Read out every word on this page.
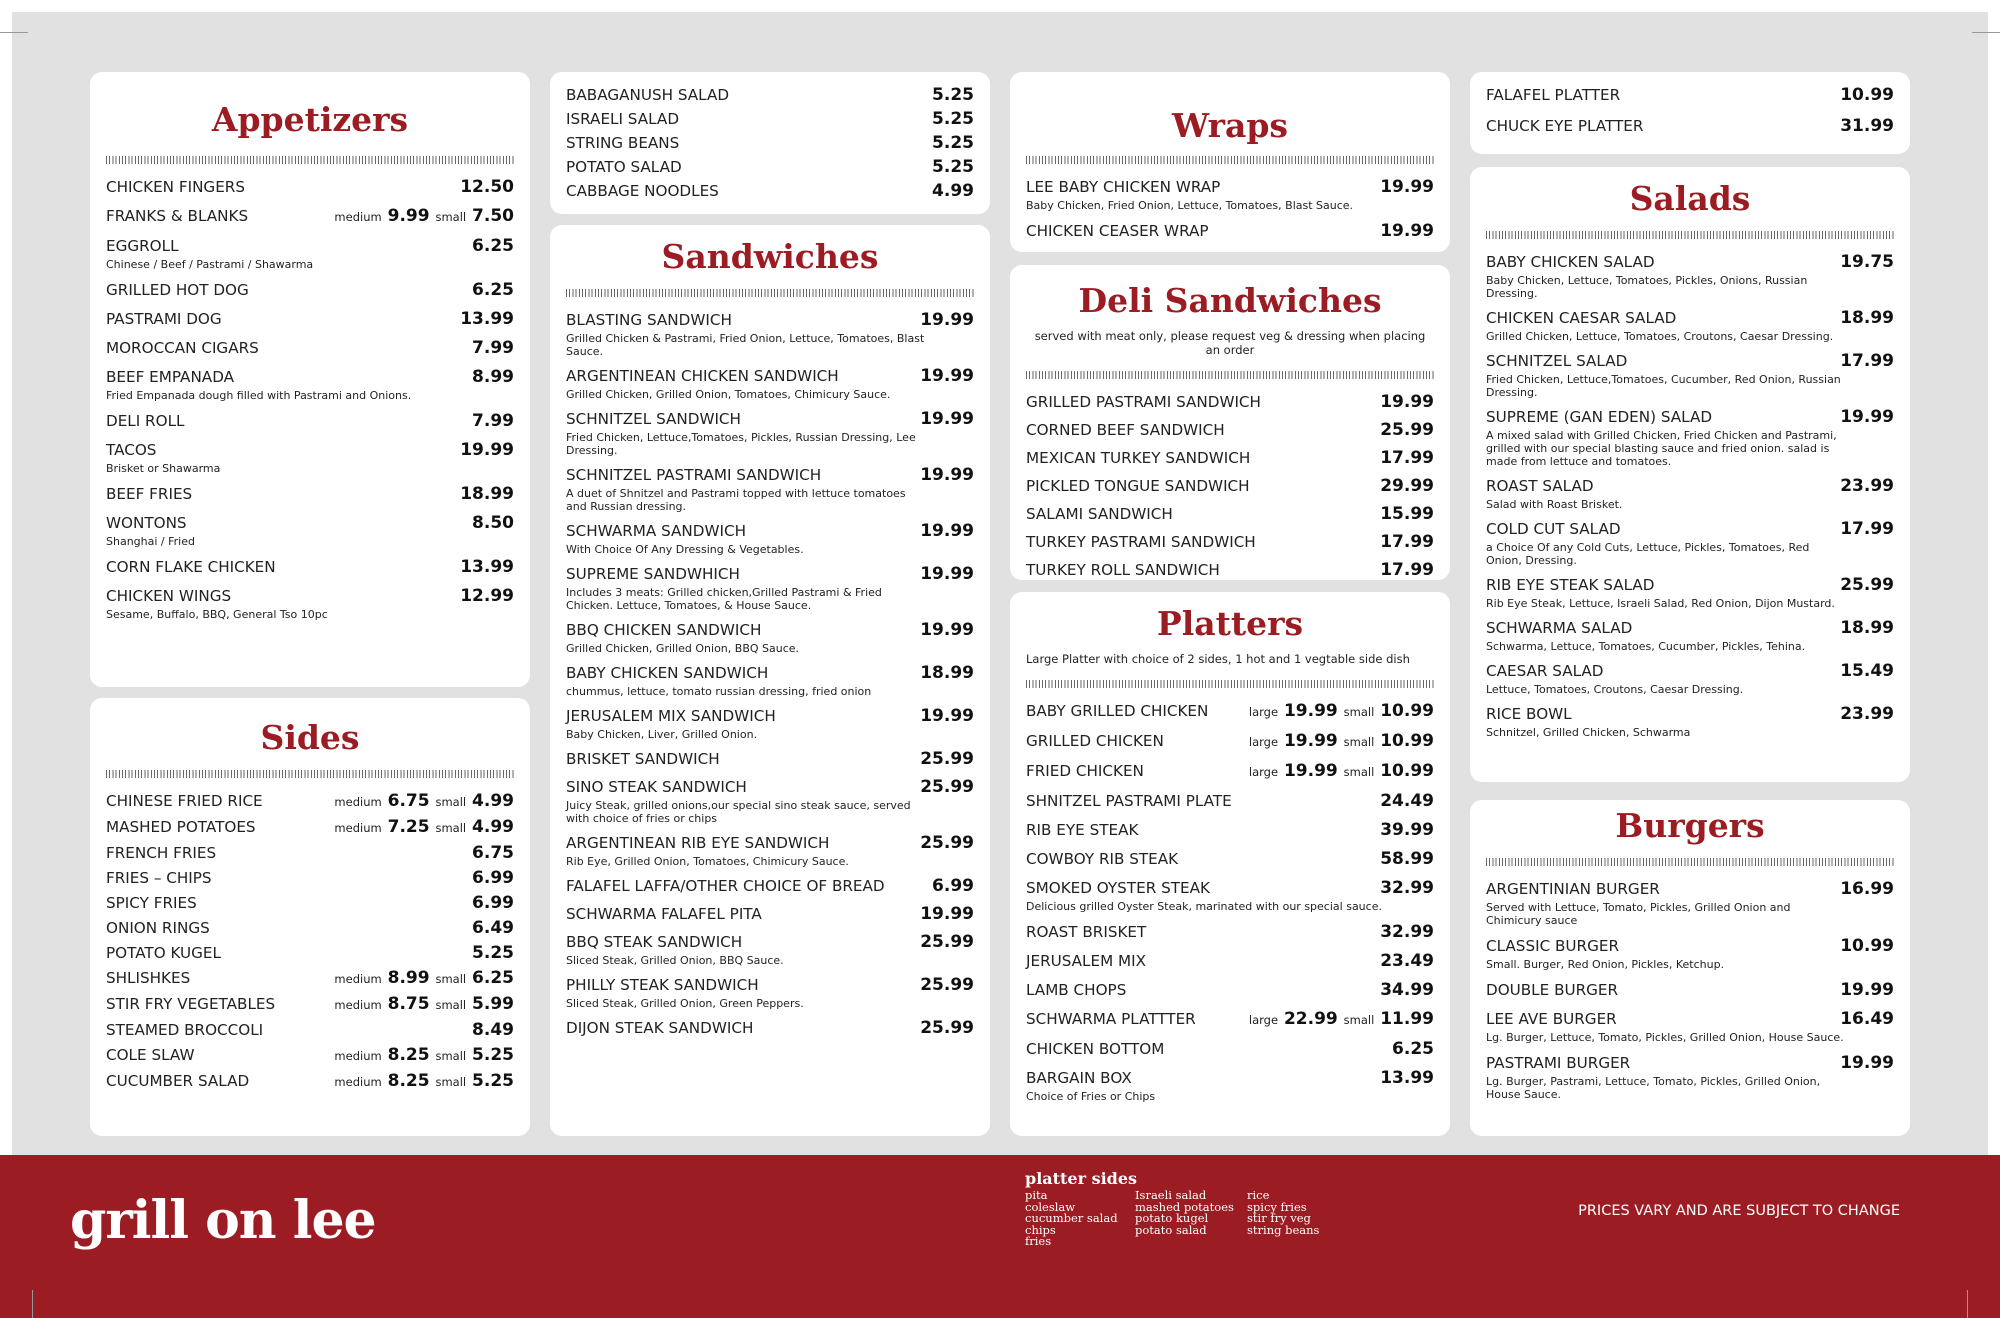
Appetizers
CHICKEN FINGERS	12.50
FRANKS & BLANKS	medium 9.99 small 7.50
EGGROLL	6.25
Chinese / Beef / Pastrami / Shawarma
GRILLED HOT DOG	6.25
PASTRAMI DOG	13.99
MOROCCAN CIGARS	7.99
BEEF EMPANADA	8.99
Fried Empanada dough filled with Pastrami and Onions.
DELI ROLL	7.99
TACOS	19.99
Brisket or Shawarma
BEEF FRIES	18.99
WONTONS	8.50
Shanghai / Fried
CORN FLAKE CHICKEN	13.99
CHICKEN WINGS	12.99
Sesame, Buffalo, BBQ, General Tso 10pc
Sides
CHINESE FRIED RICE	medium 6.75 small 4.99
MASHED POTATOES	medium 7.25 small 4.99
FRENCH FRIES	6.75
FRIES – CHIPS	6.99
SPICY FRIES	6.99
ONION RINGS	6.49
POTATO KUGEL	5.25
SHLISHKES	medium 8.99 small 6.25
STIR FRY VEGETABLES	medium 8.75 small 5.99
STEAMED BROCCOLI	8.49
COLE SLAW	medium 8.25 small 5.25
CUCUMBER SALAD	medium 8.25 small 5.25
BABAGANUSH SALAD	5.25
ISRAELI SALAD	5.25
STRING BEANS	5.25
POTATO SALAD	5.25
CABBAGE NOODLES	4.99
Sandwiches
BLASTING SANDWICH	19.99
Grilled Chicken & Pastrami, Fried Onion, Lettuce, Tomatoes, Blast Sauce.
ARGENTINEAN CHICKEN SANDWICH	19.99
Grilled Chicken, Grilled Onion, Tomatoes, Chimicury Sauce.
SCHNITZEL SANDWICH	19.99
Fried Chicken, Lettuce,Tomatoes, Pickles, Russian Dressing, Lee Dressing.
SCHNITZEL PASTRAMI SANDWICH	19.99
A duet of Shnitzel and Pastrami topped with lettuce tomatoes and Russian dressing.
SCHWARMA SANDWICH	19.99
With Choice Of Any Dressing & Vegetables.
SUPREME SANDWHICH	19.99
Includes 3 meats: Grilled chicken,Grilled Pastrami & Fried Chicken. Lettuce, Tomatoes, & House Sauce.
BBQ CHICKEN SANDWICH	19.99
Grilled Chicken, Grilled Onion, BBQ Sauce.
BABY CHICKEN SANDWICH	18.99
chummus, lettuce, tomato russian dressing, fried onion
JERUSALEM MIX SANDWICH	19.99
Baby Chicken, Liver, Grilled Onion.
BRISKET SANDWICH	25.99
SINO STEAK SANDWICH	25.99
Juicy Steak, grilled onions,our special sino steak sauce, served with choice of fries or chips
ARGENTINEAN RIB EYE SANDWICH	25.99
Rib Eye, Grilled Onion, Tomatoes, Chimicury Sauce.
FALAFEL LAFFA/OTHER CHOICE OF BREAD	6.99
SCHWARMA FALAFEL PITA	19.99
BBQ STEAK SANDWICH	25.99
Sliced Steak, Grilled Onion, BBQ Sauce.
PHILLY STEAK SANDWICH	25.99
Sliced Steak, Grilled Onion, Green Peppers.
DIJON STEAK SANDWICH	25.99
Wraps
LEE BABY CHICKEN WRAP	19.99
Baby Chicken, Fried Onion, Lettuce, Tomatoes, Blast Sauce.
CHICKEN CEASER WRAP	19.99
Deli Sandwiches
served with meat only, please request veg & dressing when placing an order
GRILLED PASTRAMI SANDWICH	19.99
CORNED BEEF SANDWICH	25.99
MEXICAN TURKEY SANDWICH	17.99
PICKLED TONGUE SANDWICH	29.99
SALAMI SANDWICH	15.99
TURKEY PASTRAMI SANDWICH	17.99
TURKEY ROLL SANDWICH	17.99
Platters
Large Platter with choice of 2 sides, 1 hot and 1 vegtable side dish
BABY GRILLED CHICKEN	large 19.99 small 10.99
GRILLED CHICKEN	large 19.99 small 10.99
FRIED CHICKEN	large 19.99 small 10.99
SHNITZEL PASTRAMI PLATE	24.49
RIB EYE STEAK	39.99
COWBOY RIB STEAK	58.99
SMOKED OYSTER STEAK	32.99
Delicious grilled Oyster Steak, marinated with our special sauce.
ROAST BRISKET	32.99
JERUSALEM MIX	23.49
LAMB CHOPS	34.99
SCHWARMA PLATTTER	large 22.99 small 11.99
CHICKEN BOTTOM	6.25
BARGAIN BOX	13.99
Choice of Fries or Chips
FALAFEL PLATTER	10.99
CHUCK EYE PLATTER	31.99
Salads
BABY CHICKEN SALAD	19.75
Baby Chicken, Lettuce, Tomatoes, Pickles, Onions, Russian Dressing.
CHICKEN CAESAR SALAD	18.99
Grilled Chicken, Lettuce, Tomatoes, Croutons, Caesar Dressing.
SCHNITZEL SALAD	17.99
Fried Chicken, Lettuce,Tomatoes, Cucumber, Red Onion, Russian Dressing.
SUPREME (GAN EDEN) SALAD	19.99
A mixed salad with Grilled Chicken, Fried Chicken and Pastrami, grilled with our special blasting sauce and fried onion. salad is made from lettuce and tomatoes.
ROAST SALAD	23.99
Salad with Roast Brisket.
COLD CUT SALAD	17.99
a Choice Of any Cold Cuts, Lettuce, Pickles, Tomatoes, Red Onion, Dressing.
RIB EYE STEAK SALAD	25.99
Rib Eye Steak, Lettuce, Israeli Salad, Red Onion, Dijon Mustard.
SCHWARMA SALAD	18.99
Schwarma, Lettuce, Tomatoes, Cucumber, Pickles, Tehina.
CAESAR SALAD	15.49
Lettuce, Tomatoes, Croutons, Caesar Dressing.
RICE BOWL	23.99
Schnitzel, Grilled Chicken, Schwarma
Burgers
ARGENTINIAN BURGER	16.99
Served with Lettuce, Tomato, Pickles, Grilled Onion and Chimicury sauce
CLASSIC BURGER	10.99
Small. Burger, Red Onion, Pickles, Ketchup.
DOUBLE BURGER	19.99
LEE AVE BURGER	16.49
Lg. Burger, Lettuce, Tomato, Pickles, Grilled Onion, House Sauce.
PASTRAMI BURGER	19.99
Lg. Burger, Pastrami, Lettuce, Tomato, Pickles, Grilled Onion, House Sauce.
grill on lee
platter sides
pita
coleslaw
cucumber salad
chips
fries
Israeli salad
mashed potatoes
potato kugel
potato salad
rice
spicy fries
stir fry veg
string beans
PRICES VARY AND ARE SUBJECT TO CHANGE
